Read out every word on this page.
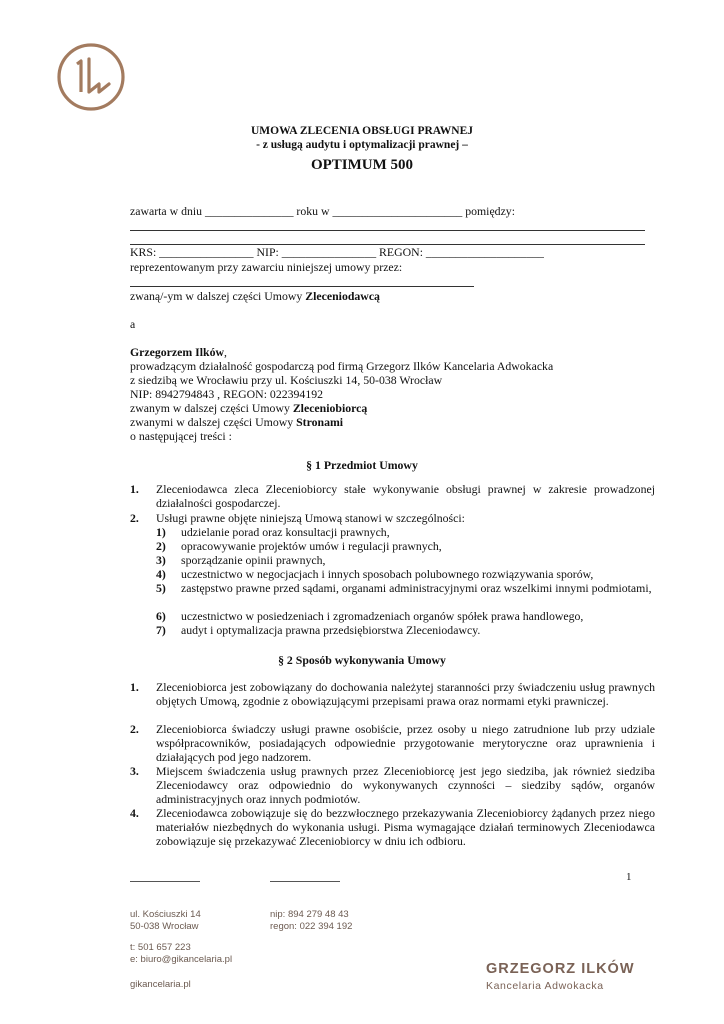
UMOWA ZLECENIA OBSŁUGI PRAWNEJ
- z usługą audytu i optymalizacji prawnej –
OPTIMUM 500
zawarta w dniu _______________ roku w ______________________ pomiędzy:
KRS: ________________ NIP: ________________ REGON: ____________________
reprezentowanym przy zawarciu niniejszej umowy przez:
zwaną/-ym w dalszej części Umowy Zleceniodawcą
a
Grzegorzem Ilków,
prowadzącym działalność gospodarczą pod firmą Grzegorz Ilków Kancelaria Adwokacka
z siedzibą we Wrocławiu przy ul. Kościuszki 14, 50-038 Wrocław
NIP: 8942794843 , REGON: 022394192
zwanym w dalszej części Umowy Zleceniobiorcą
zwanymi w dalszej części Umowy Stronami
o następującej treści :
§ 1 Przedmiot Umowy
1. Zleceniodawca zleca Zleceniobiorcy stałe wykonywanie obsługi prawnej w zakresie prowadzonej działalności gospodarczej.
2. Usługi prawne objęte niniejszą Umową stanowi w szczególności:
1) udzielanie porad oraz konsultacji prawnych,
2) opracowywanie projektów umów i regulacji prawnych,
3) sporządzanie opinii prawnych,
4) uczestnictwo w negocjacjach i innych sposobach polubownego rozwiązywania sporów,
5) zastępstwo prawne przed sądami, organami administracyjnymi oraz wszelkimi innymi podmiotami,
6) uczestnictwo w posiedzeniach i zgromadzeniach organów spółek prawa handlowego,
7) audyt i optymalizacja prawna przedsiębiorstwa Zleceniodawcy.
§ 2 Sposób wykonywania Umowy
1. Zleceniobiorca jest zobowiązany do dochowania należytej staranności przy świadczeniu usług prawnych objętych Umową, zgodnie z obowiązującymi przepisami prawa oraz normami etyki prawniczej.
2. Zleceniobiorca świadczy usługi prawne osobiście, przez osoby u niego zatrudnione lub przy udziale współpracowników, posiadających odpowiednie przygotowanie merytoryczne oraz uprawnienia i działających pod jego nadzorem.
3. Miejscem świadczenia usług prawnych przez Zleceniobiorcę jest jego siedziba, jak również siedziba Zleceniodawcy oraz odpowiednio do wykonywanych czynności – siedziby sądów, organów administracyjnych oraz innych podmiotów.
4. Zleceniodawca zobowiązuje się do bezzwłocznego przekazywania Zleceniobiorcy żądanych przez niego materiałów niezbędnych do wykonania usługi. Pisma wymagające działań terminowych Zleceniodawca zobowiązuje się przekazywać Zleceniobiorcy w dniu ich odbioru.
1
ul. Kościuszki 14
50-038 Wrocław
nip: 894 279 48 43
regon: 022 394 192
t: 501 657 223
e: biuro@gikancelaria.pl
gikancelaria.pl
GRZEGORZ ILKÓW
Kancelaria Adwokacka
